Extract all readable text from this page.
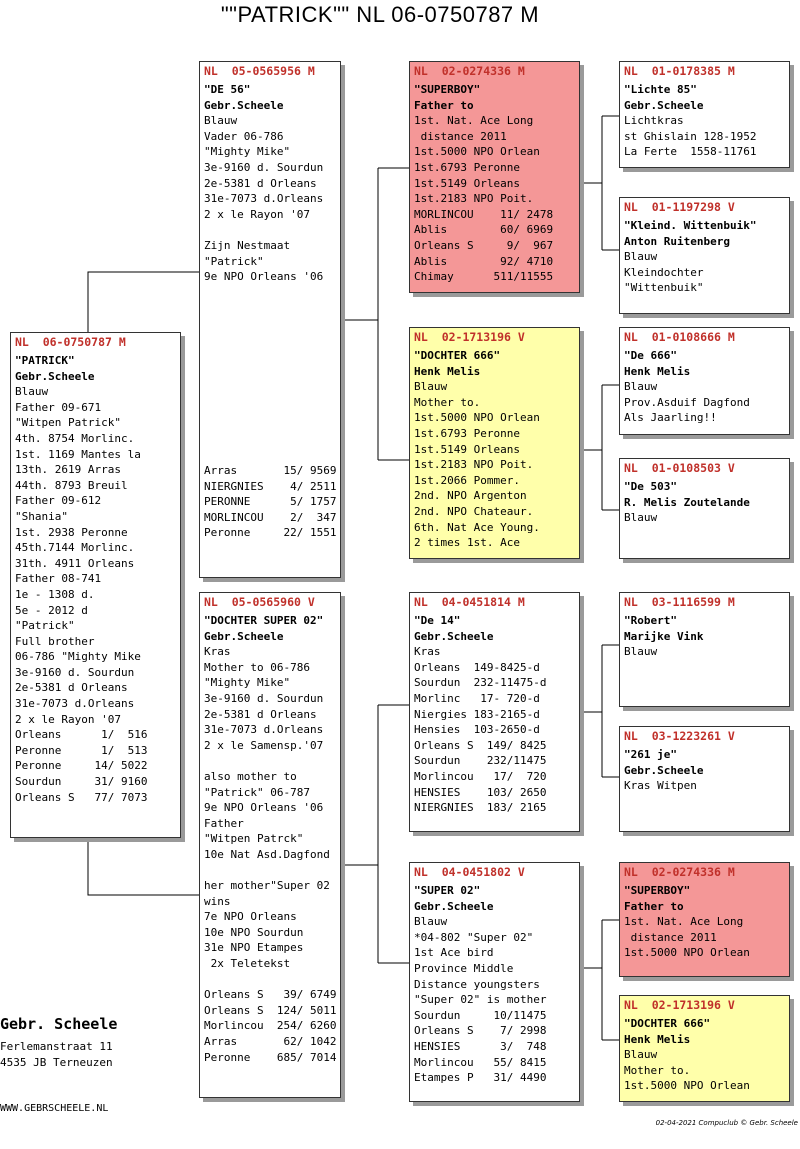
""PATRICK"" NL 06-0750787 M
NL  06-0750787 M
"PATRICK"
Gebr.Scheele
Blauw
Father 09-671
"Witpen Patrick"
4th. 8754 Morlinc.
1st. 1169 Mantes la
13th. 2619 Arras
44th. 8793 Breuil
Father 09-612
"Shania"
1st. 2938 Peronne
45th.7144 Morlinc.
31th. 4911 Orleans
Father 08-741
1e - 1308 d.
5e - 2012 d
"Patrick"
Full brother
06-786 "Mighty Mike
3e-9160 d. Sourdun
2e-5381 d Orleans
31e-7073 d.Orleans
2 x le Rayon '07
Orleans      1/  516
Peronne      1/  513
Peronne     14/ 5022
Sourdun     31/ 9160
Orleans S   77/ 7073
NL  05-0565956 M
"DE 56"
Gebr.Scheele
Blauw
Vader 06-786
"Mighty Mike"
3e-9160 d. Sourdun
2e-5381 d Orleans
31e-7073 d.Orleans
2 x le Rayon '07
Zijn Nestmaat
"Patrick"
9e NPO Orleans '06
Arras       15/ 9569
NIERGNIES    4/ 2511
PERONNE      5/ 1757
MORLINCOU    2/  347
Peronne     22/ 1551
NL  05-0565960 V
"DOCHTER SUPER 02"
Gebr.Scheele
Kras
Mother to 06-786
"Mighty Mike"
3e-9160 d. Sourdun
2e-5381 d Orleans
31e-7073 d.Orleans
2 x le Samensp.'07
also mother to
"Patrick" 06-787
9e NPO Orleans '06
Father
"Witpen Patrck"
10e Nat Asd.Dagfond
her mother"Super 02
wins
7e NPO Orleans
10e NPO Sourdun
31e NPO Etampes
2x Teletekst
Orleans S   39/ 6749
Orleans S  124/ 5011
Morlincou  254/ 6260
Arras       62/ 1042
Peronne    685/ 7014
NL  02-0274336 M
"SUPERBOY"
Father to
1st. Nat. Ace Long
distance 2011
1st.5000 NPO Orlean
1st.6793 Peronne
1st.5149 Orleans
1st.2183 NPO Poit.
MORLINCOU    11/ 2478
Ablis        60/ 6969
Orleans S     9/  967
Ablis        92/ 4710
Chimay      511/11555
NL  02-1713196 V
"DOCHTER 666"
Henk Melis
Blauw
Mother to.
1st.5000 NPO Orlean
1st.6793 Peronne
1st.5149 Orleans
1st.2183 NPO Poit.
1st.2066 Pommer.
2nd. NPO Argenton
2nd. NPO Chateaur.
6th. Nat Ace Young.
2 times 1st. Ace
NL  04-0451814 M
"De 14"
Gebr.Scheele
Kras
Orleans  149-8425-d
Sourdun  232-11475-d
Morlinc   17- 720-d
Niergies 183-2165-d
Hensies  103-2650-d
Orleans S  149/ 8425
Sourdun    232/11475
Morlincou   17/  720
HENSIES    103/ 2650
NIERGNIES  183/ 2165
NL  04-0451802 V
"SUPER 02"
Gebr.Scheele
Blauw
*04-802 "Super 02"
1st Ace bird
Province Middle
Distance youngsters
"Super 02" is mother
Sourdun     10/11475
Orleans S    7/ 2998
HENSIES      3/  748
Morlincou   55/ 8415
Etampes P   31/ 4490
NL  01-0178385 M
"Lichte 85"
Gebr.Scheele
Lichtkras
st Ghislain 128-1952
La Ferte  1558-11761
NL  01-1197298 V
"Kleind. Wittenbuik"
Anton Ruitenberg
Blauw
Kleindochter
"Wittenbuik"
NL  01-0108666 M
"De 666"
Henk Melis
Blauw
Prov.Asduif Dagfond
Als Jaarling!!
NL  01-0108503 V
"De 503"
R. Melis Zoutelande
Blauw
NL  03-1116599 M
"Robert"
Marijke Vink
Blauw
NL  03-1223261 V
"261 je"
Gebr.Scheele
Kras Witpen
NL  02-0274336 M
"SUPERBOY"
Father to
1st. Nat. Ace Long
distance 2011
1st.5000 NPO Orlean
NL  02-1713196 V
"DOCHTER 666"
Henk Melis
Blauw
Mother to.
1st.5000 NPO Orlean
Gebr. Scheele
Ferlemanstraat 11
4535 JB Terneuzen
WWW.GEBRSCHEELE.NL
02-04-2021 Compuclub © Gebr. Scheele
